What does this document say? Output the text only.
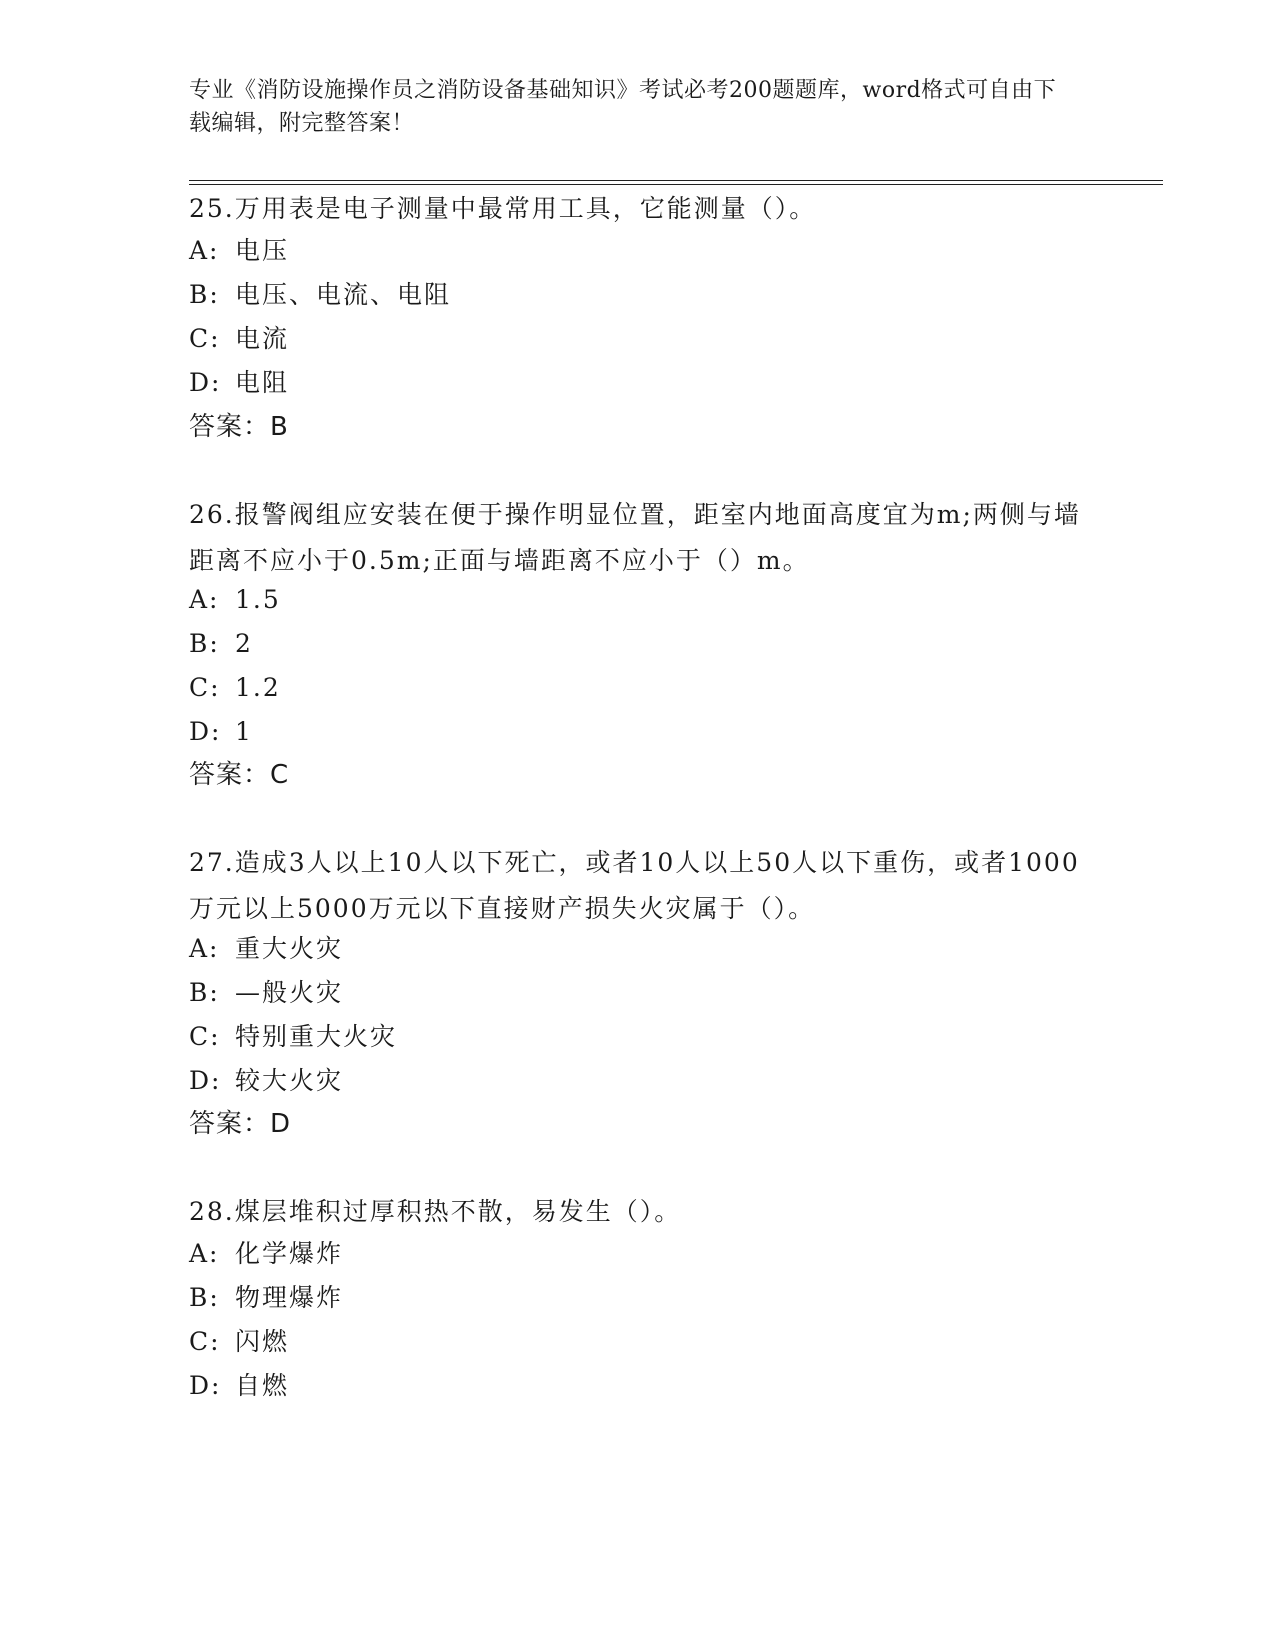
专业《消防设施操作员之消防设备基础知识》考试必考200题题库，word格式可自由下载编辑，附完整答案！
25.万用表是电子测量中最常用工具，它能测量（）。
A: 电压
B: 电压、电流、电阻
C: 电流
D: 电阻
答案：B
26.报警阀组应安装在便于操作明显位置，距室内地面高度宜为m;两侧与墙距离不应小于0.5m;正面与墙距离不应小于（）m。
A: 1.5
B: 2
C: 1.2
D: 1
答案：C
27.造成3人以上10人以下死亡，或者10人以上50人以下重伤，或者1000万元以上5000万元以下直接财产损失火灾属于（）。
A: 重大火灾
B: —般火灾
C: 特别重大火灾
D: 较大火灾
答案：D
28.煤层堆积过厚积热不散，易发生（）。
A: 化学爆炸
B: 物理爆炸
C: 闪燃
D: 自燃
